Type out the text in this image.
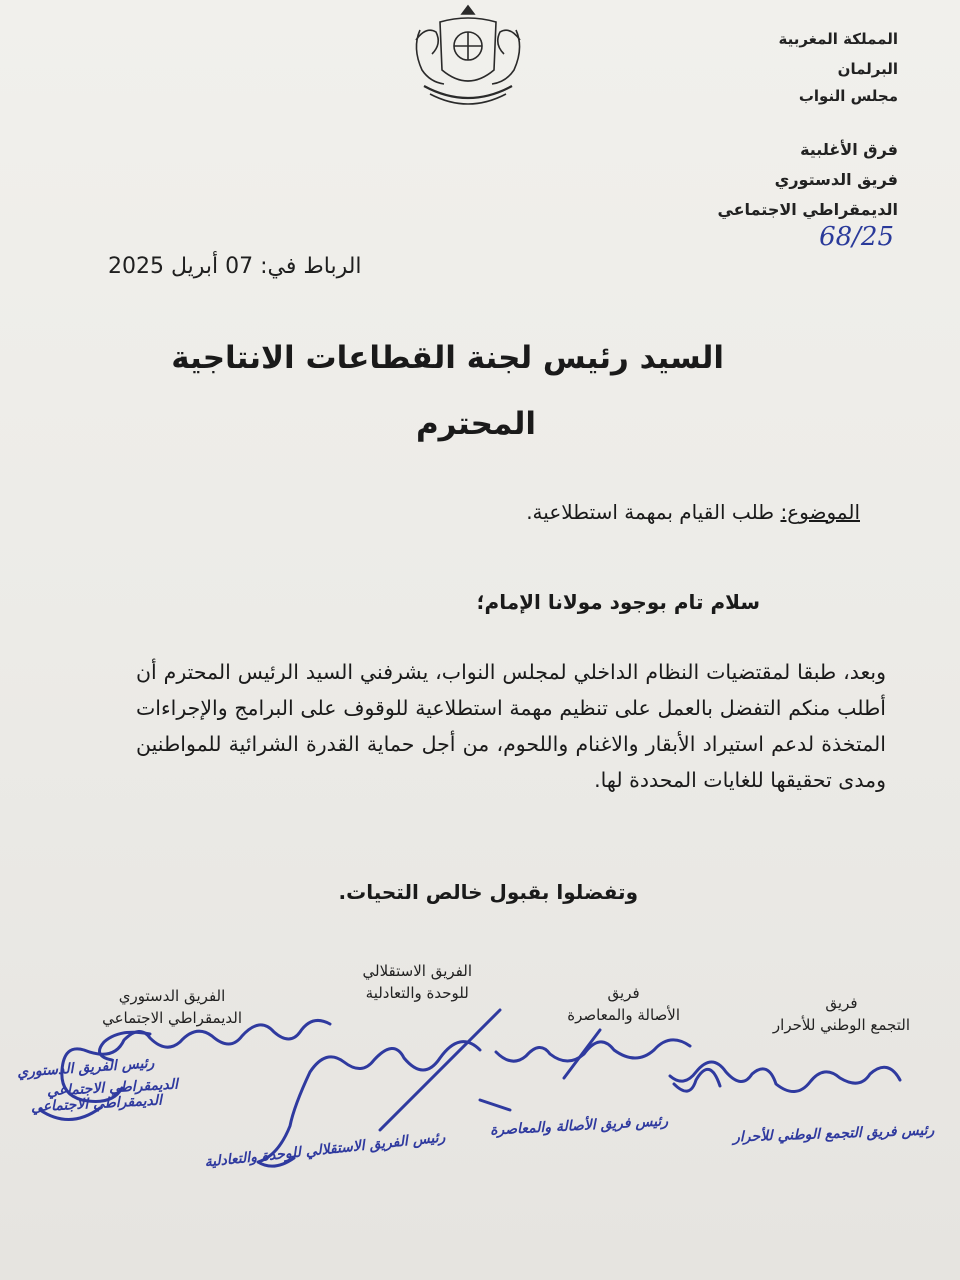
المملكة المغربية
البرلمان
مجلس النواب
فرق الأغلبية
فريق الدستوري
الديمقراطي الاجتماعي
68/25
الرباط في: 07 أبريل 2025
السيد رئيس لجنة القطاعات الانتاجية
المحترم
الموضوع: طلب القيام بمهمة استطلاعية.
سلام تام بوجود مولانا الإمام؛
وبعد، طبقا لمقتضيات النظام الداخلي لمجلس النواب، يشرفني السيد الرئيس المحترم أن أطلب منكم التفضل بالعمل على تنظيم مهمة استطلاعية للوقوف على البرامج والإجراءات المتخذة لدعم استيراد الأبقار والاغنام واللحوم، من أجل حماية القدرة الشرائية للمواطنين ومدى تحقيقها للغايات المحددة لها.
وتفضلوا بقبول خالص التحيات.
فريق
التجمع الوطني للأحرار
فريق
الأصالة والمعاصرة
الفريق الاستقلالي
للوحدة والتعادلية
الفريق الدستوري
الديمقراطي الاجتماعي
رئيس فريق التجمع الوطني للأحرار
رئيس فريق الأصالة والمعاصرة
رئيس الفريق الاستقلالي للوحدة والتعادلية
رئيس الفريق الدستوري
الديمقراطي الاجتماعي
الديمقراطي الاجتماعي
